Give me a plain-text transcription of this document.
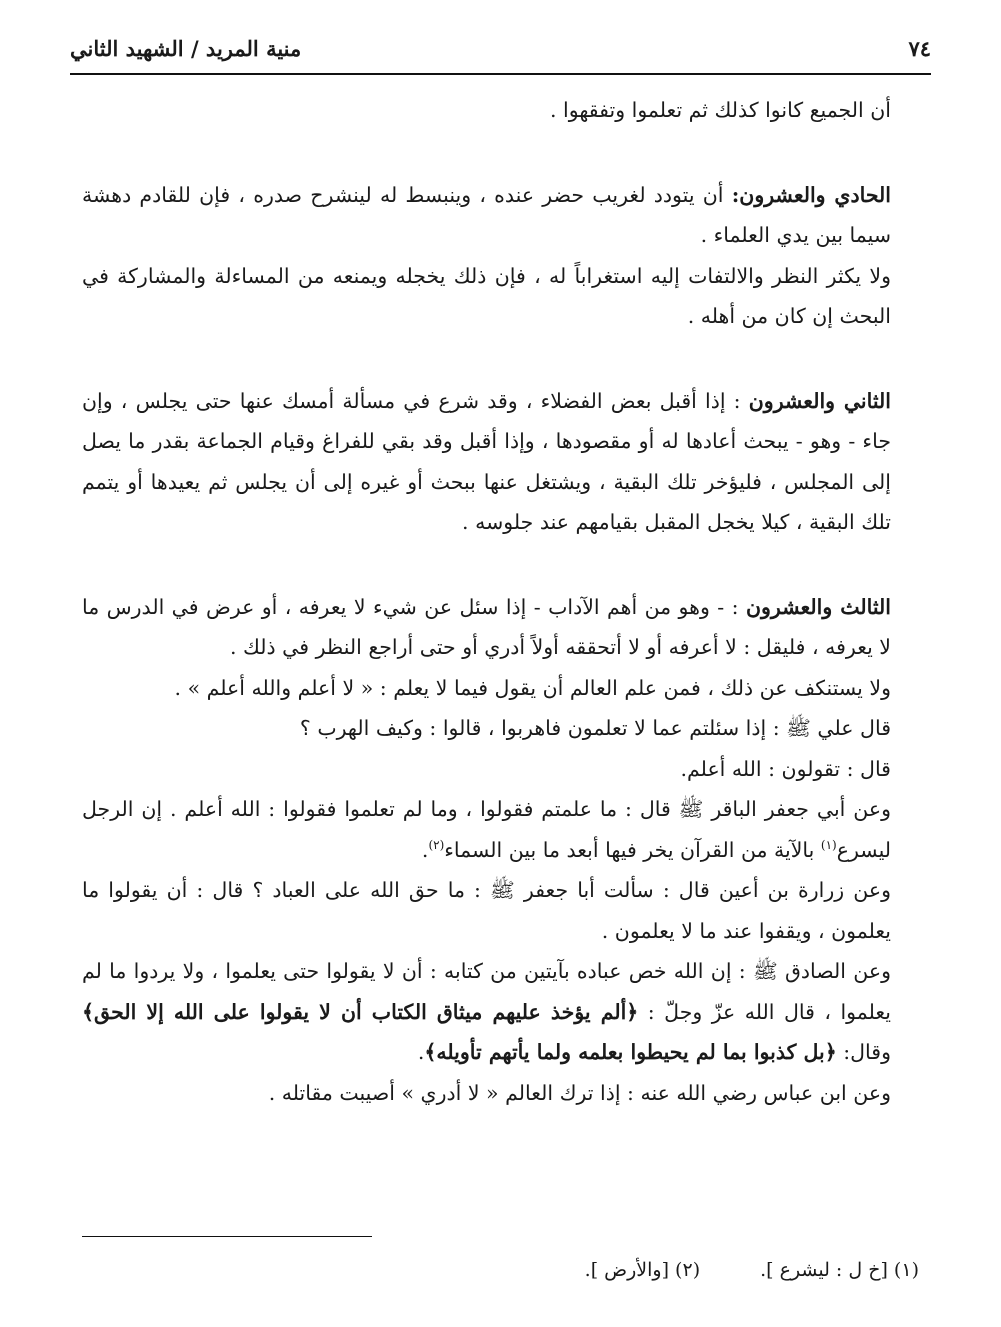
٧٤
منية المريد / الشهيد الثاني

أن الجميع كانوا كذلك ثم تعلموا وتفقهوا .

الحادي والعشرون: أن يتودد لغريب حضر عنده ، وينبسط له لينشرح صدره ، فإن للقادم دهشة سيما بين يدي العلماء .

ولا يكثر النظر والالتفات إليه استغراباً له ، فإن ذلك يخجله ويمنعه من المساءلة والمشاركة في البحث إن كان من أهله .

الثاني والعشرون : إذا أقبل بعض الفضلاء ، وقد شرع في مسألة أمسك عنها حتى يجلس ، وإن جاء - وهو - يبحث أعادها له أو مقصودها ، وإذا أقبل وقد بقي للفراغ وقيام الجماعة بقدر ما يصل إلى المجلس ، فليؤخر تلك البقية ، ويشتغل عنها ببحث أو غيره إلى أن يجلس ثم يعيدها أو يتمم تلك البقية ، كيلا يخجل المقبل بقيامهم عند جلوسه .

الثالث والعشرون : - وهو من أهم الآداب - إذا سئل عن شيء لا يعرفه ، أو عرض في الدرس ما لا يعرفه ، فليقل : لا أعرفه أو لا أتحققه أولاً أدري أو حتى أراجع النظر في ذلك .

ولا يستنكف عن ذلك ، فمن علم العالم أن يقول فيما لا يعلم : « لا أعلم والله أعلم » .

قال علي ﷺ : إذا سئلتم عما لا تعلمون فاهربوا ، قالوا : وكيف الهرب ؟

قال : تقولون : الله أعلم.

وعن أبي جعفر الباقر ﷺ قال : ما علمتم فقولوا ، وما لم تعلموا فقولوا : الله أعلم . إن الرجل ليسرع$^{(١)}$ بالآية من القرآن يخر فيها أبعد ما بين السماء$^{(٢)}$.

وعن زرارة بن أعين قال : سألت أبا جعفر ﷺ : ما حق الله على العباد ؟ قال : أن يقولوا ما يعلمون ، ويقفوا عند ما لا يعلمون .

وعن الصادق ﷺ : إن الله خص عباده بآيتين من كتابه : أن لا يقولوا حتى يعلموا ، ولا يردوا ما لم يعلموا ، قال الله عزّ وجلّ : ﴿ألم يؤخذ عليهم ميثاق الكتاب أن لا يقولوا على الله إلا الحق﴾ وقال: ﴿بل كذبوا بما لم يحيطوا بعلمه ولما يأتهم تأويله﴾.

وعن ابن عباس رضي الله عنه : إذا ترك العالم « لا أدري » أصيبت مقاتله .

(١) [خ ل : ليشرع ].
(٢) [والأرض ].
